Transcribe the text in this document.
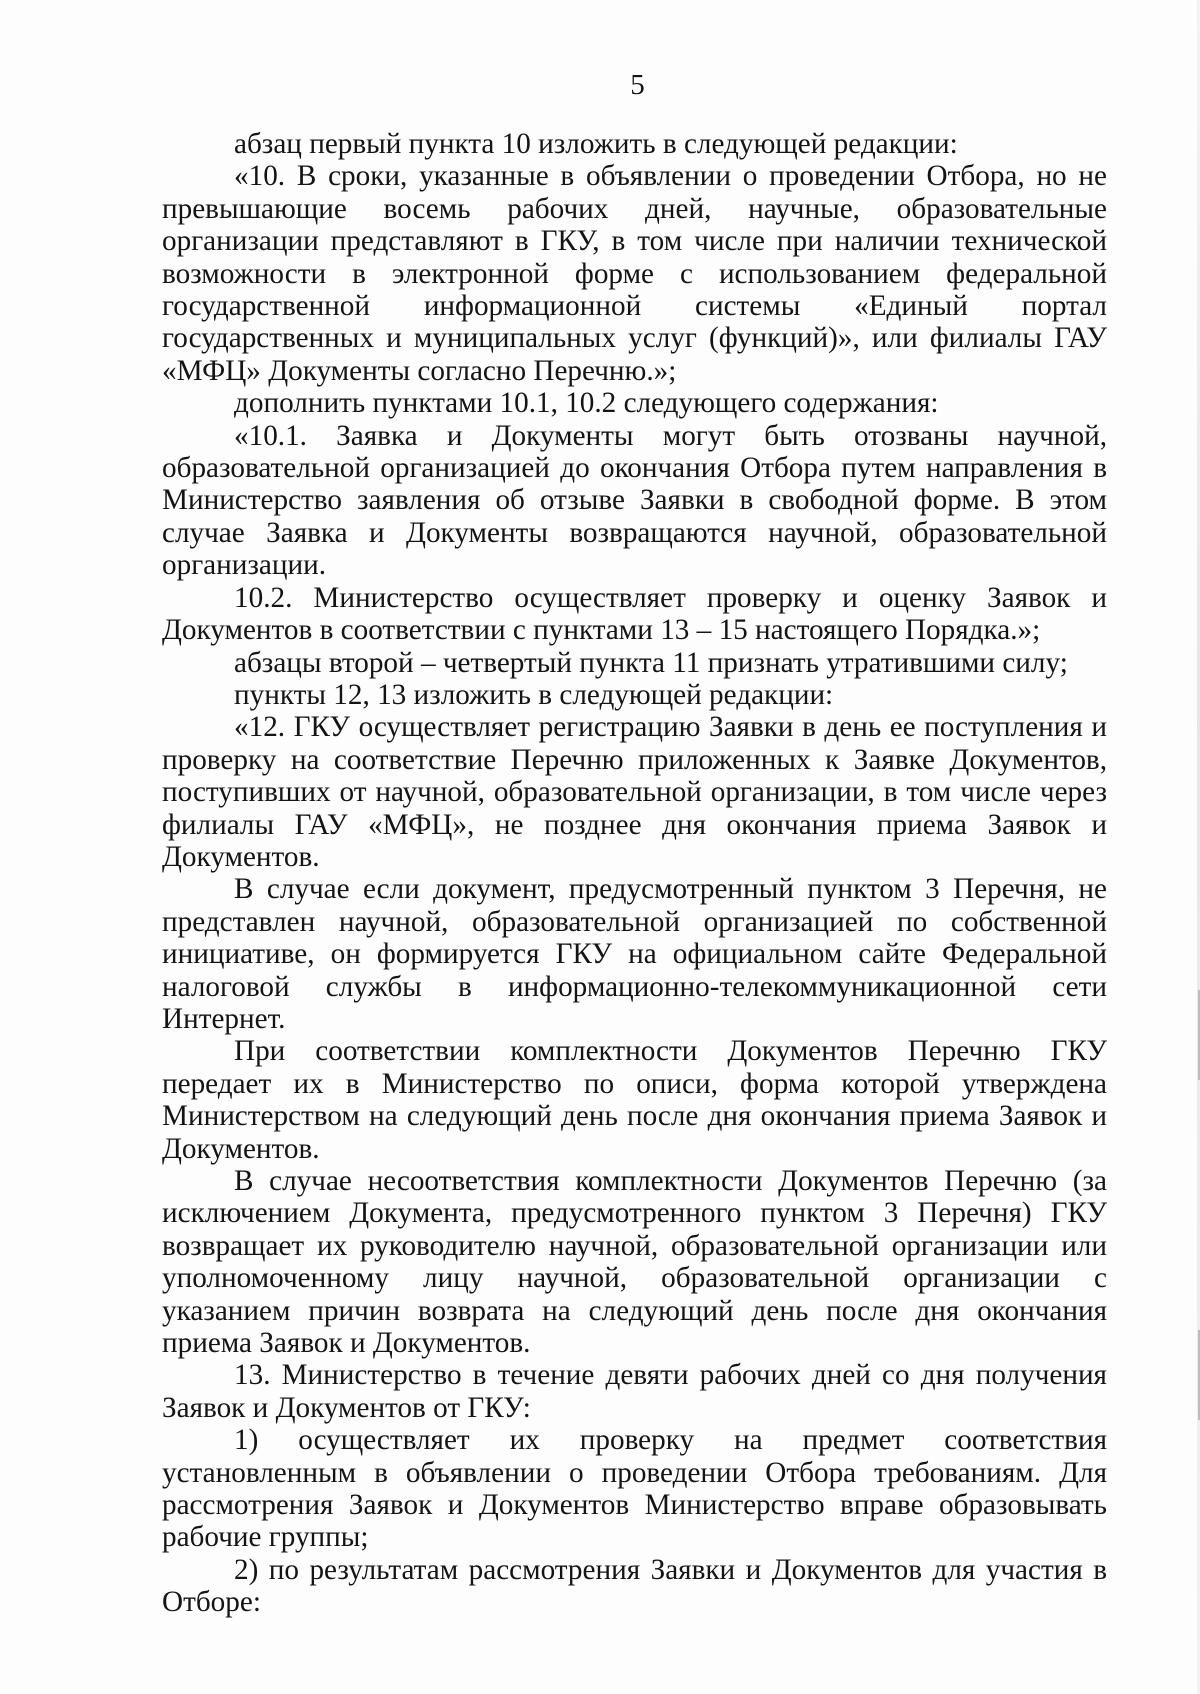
5

абзац первый пункта 10 изложить в следующей редакции:

«10. В сроки, указанные в объявлении о проведении Отбора, но не превышающие восемь рабочих дней, научные, образовательные организации представляют в ГКУ, в том числе при наличии технической возможности в электронной форме с использованием федеральной государственной информационной системы «Единый портал государственных и муниципальных услуг (функций)», или филиалы ГАУ «МФЦ» Документы согласно Перечню.»;

дополнить пунктами 10.1, 10.2 следующего содержания:

«10.1. Заявка и Документы могут быть отозваны научной, образовательной организацией до окончания Отбора путем направления в Министерство заявления об отзыве Заявки в свободной форме. В этом случае Заявка и Документы возвращаются научной, образовательной организации.

10.2. Министерство осуществляет проверку и оценку Заявок и Документов в соответствии с пунктами 13 – 15 настоящего Порядка.»;

абзацы второй – четвертый пункта 11 признать утратившими силу;

пункты 12, 13 изложить в следующей редакции:

«12. ГКУ осуществляет регистрацию Заявки в день ее поступления и проверку на соответствие Перечню приложенных к Заявке Документов, поступивших от научной, образовательной организации, в том числе через филиалы ГАУ «МФЦ», не позднее дня окончания приема Заявок и Документов.

В случае если документ, предусмотренный пунктом 3 Перечня, не представлен научной, образовательной организацией по собственной инициативе, он формируется ГКУ на официальном сайте Федеральной налоговой службы в информационно-телекоммуникационной сети Интернет.

При соответствии комплектности Документов Перечню ГКУ передает их в Министерство по описи, форма которой утверждена Министерством на следующий день после дня окончания приема Заявок и Документов.

В случае несоответствия комплектности Документов Перечню (за исключением Документа, предусмотренного пунктом 3 Перечня) ГКУ возвращает их руководителю научной, образовательной организации или уполномоченному лицу научной, образовательной организации с указанием причин возврата на следующий день после дня окончания приема Заявок и Документов.

13. Министерство в течение девяти рабочих дней со дня получения Заявок и Документов от ГКУ:

1) осуществляет их проверку на предмет соответствия установленным в объявлении о проведении Отбора требованиям. Для рассмотрения Заявок и Документов Министерство вправе образовывать рабочие группы;

2) по результатам рассмотрения Заявки и Документов для участия в Отборе:
